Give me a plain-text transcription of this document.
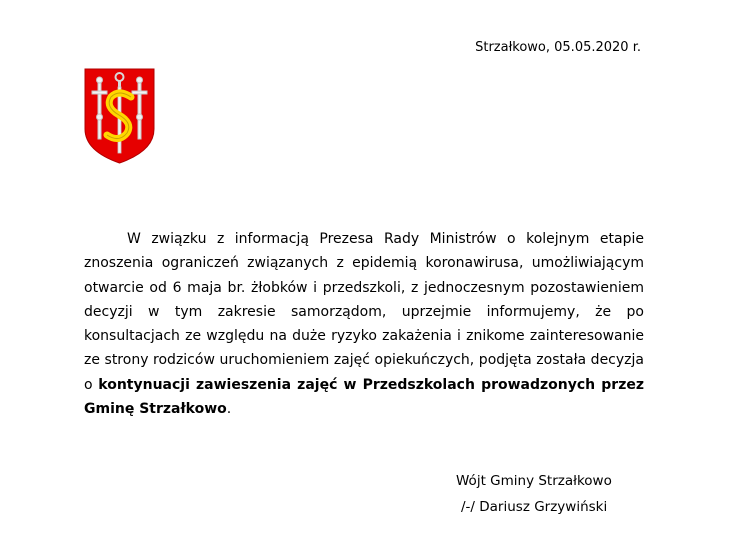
Strzałkowo, 05.05.2020 r.

W związku z informacją Prezesa Rady Ministrów o kolejnym etapie znoszenia ograniczeń związanych z epidemią koronawirusa, umożliwiającym otwarcie od 6 maja br. żłobków i przedszkoli, z jednoczesnym pozostawieniem decyzji w tym zakresie samorządom, uprzejmie informujemy, że po konsultacjach ze względu na duże ryzyko zakażenia i znikome zainteresowanie ze strony rodziców uruchomieniem zajęć opiekuńczych, podjęta została decyzja o kontynuacji zawieszenia zajęć w Przedszkolach prowadzonych przez Gminę Strzałkowo.

Wójt Gminy Strzałkowo
/-/ Dariusz Grzywiński
